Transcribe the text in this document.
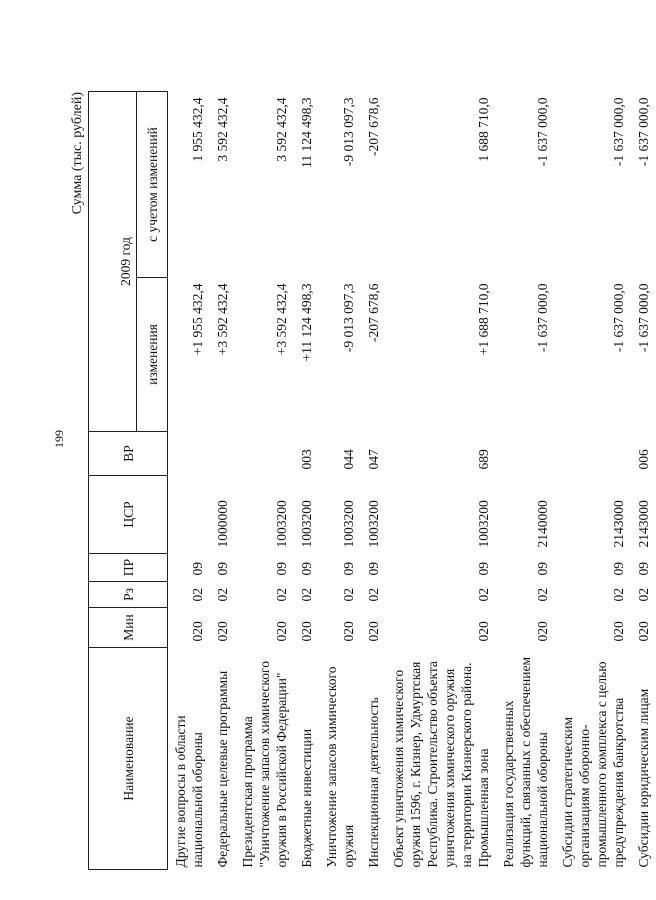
199
Сумма (тыс. рублей)
Наименование	Мин	Рз	ПР	ЦСР	ВР	2009 год	
						изменения	с учетом изменений

Другие вопросы в области национальной обороны	020	02	09			+1 955 432,4	1 955 432,4
Федеральные целевые программы	020	02	09	1000000		+3 592 432,4	3 592 432,4
Президентская программа "Уничтожение запасов химического оружия в Российской Федерации"	020	02	09	1003200		+3 592 432,4	3 592 432,4
Бюджетные инвестиции	020	02	09	1003200	003	+11 124 498,3	11 124 498,3
Уничтожение запасов химического оружия	020	02	09	1003200	044	-9 013 097,3	-9 013 097,3
Инспекционная деятельность	020	02	09	1003200	047	-207 678,6	-207 678,6
Объект уничтожения химического оружия 1596, г. Кизнер, Удмуртская Республика. Строительство объекта уничтожения химического оружия на территории Кизнерского района. Промышленная зона	020	02	09	1003200	689	+1 688 710,0	1 688 710,0
Реализация государственных функций, связанных с обеспечением национальной обороны	020	02	09	2140000		-1 637 000,0	-1 637 000,0
Субсидии стратегическим организациям оборонно-промышленного комплекса с целью предупреждения банкротства	020	02	09	2143000		-1 637 000,0	-1 637 000,0
Субсидии юридическим лицам	020	02	09	2143000	006	-1 637 000,0	-1 637 000,0
